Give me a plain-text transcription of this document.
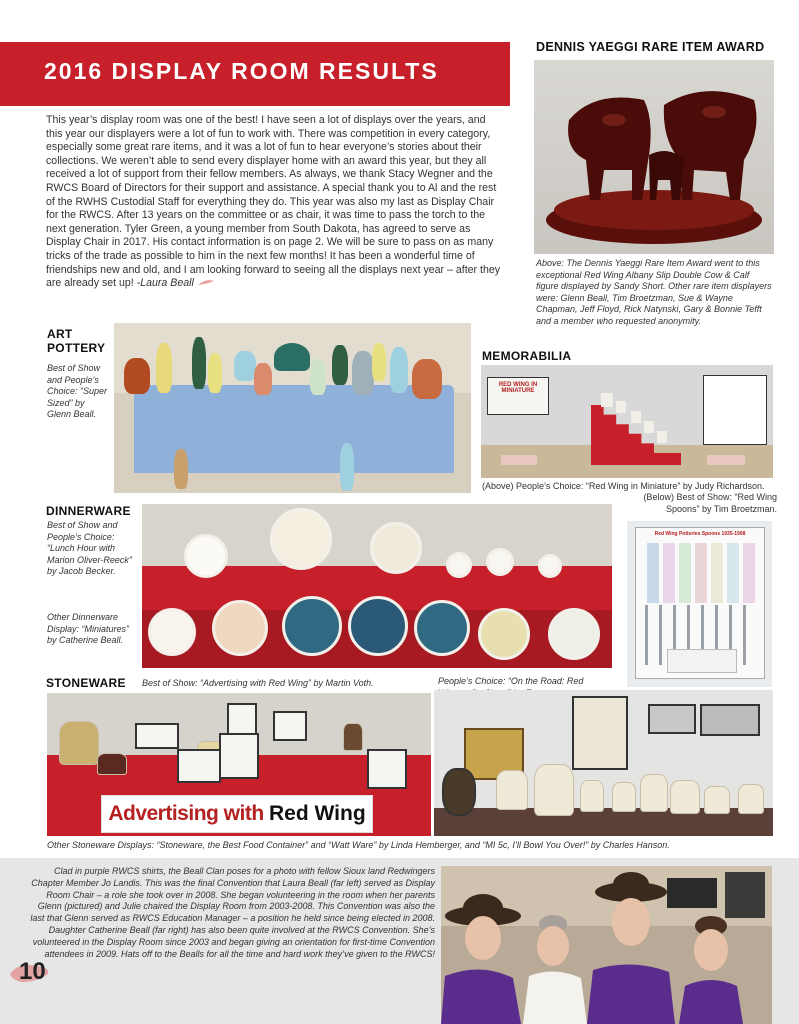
2016 DISPLAY ROOM RESULTS
This year’s display room was one of the best! I have seen a lot of displays over the years, and this year our displayers were a lot of fun to work with. There was competition in every category, especially some great rare items, and it was a lot of fun to hear everyone’s stories about their collections. We weren’t able to send every displayer home with an award this year, but they all received a lot of support from their fellow members. As always, we thank Stacy Wegner and the RWCS Board of Directors for their support and assistance. A special thank you to Al and the rest of the RWHS Custodial Staff for everything they do. This year was also my last as Display Chair for the RWCS. After 13 years on the committee or as chair, it was time to pass the torch to the next generation. Tyler Green, a young member from South Dakota, has agreed to serve as Display Chair in 2017. His contact information is on page 2. We will be sure to pass on as many tricks of the trade as possible to him in the next few months! It has been a wonderful time of friendships new and old, and I am looking forward to seeing all the displays next year – after they are already set up! -Laura Beall
DENNIS YAEGGI RARE ITEM AWARD
Above: The Dennis Yaeggi Rare Item Award went to this exceptional Red Wing Albany Slip Double Cow & Calf figure displayed by Sandy Short. Other rare item displayers were: Glenn Beall, Tim Broetzman, Sue & Wayne Chapman, Jeff Floyd, Rick Natynski, Gary & Bonnie Tefft and a member who requested anonymity.
ART
POTTERY
Best of Show and People’s Choice: “Super Sized” by Glenn Beall.
MEMORABILIA
RED WING IN MINIATURE
(Above) People’s Choice: “Red Wing in Miniature” by Judy Richardson.
(Below) Best of Show: “Red Wing Spoons” by Tim Broetzman.
Red Wing Potteries Spoons 1935-1968
DINNERWARE
Best of Show and People’s Choice: “Lunch Hour with Marion Oliver-Reeck” by Jacob Becker.
Other Dinnerware Display: “Miniatures” by Catherine Beall.
STONEWARE Best of Show: “Advertising with Red Wing” by Martin Voth.	People’s Choice: “On the Road: Red
Advertising with Red Wing
Other Stoneware Displays: “Stoneware, the Best Food Container” and “Watt Ware” by Linda Hemberger, and “MI 5c, I’ll Bowl You Over!” by Charles Hanson.
Clad in purple RWCS shirts, the Beall Clan poses for a photo with fellow Sioux land Redwingers Chapter Member Jo Landis. This was the final Convention that Laura Beall (far left) served as Display Room Chair – a role she took over in 2008. She began volunteering in the room when her parents Glenn (pictured) and Julie chaired the Display Room from 2003-2008. This Convention was also the last that Glenn served as RWCS Education Manager – a position he held since being elected in 2008. Daughter Catherine Beall (far right) has also been quite involved at the RWCS Convention. She’s volunteered in the Display Room since 2003 and began giving an orientation for first-time Convention attendees in 2009. Hats off to the Bealls for all the time and hard work they’ve given to the RWCS!
10
